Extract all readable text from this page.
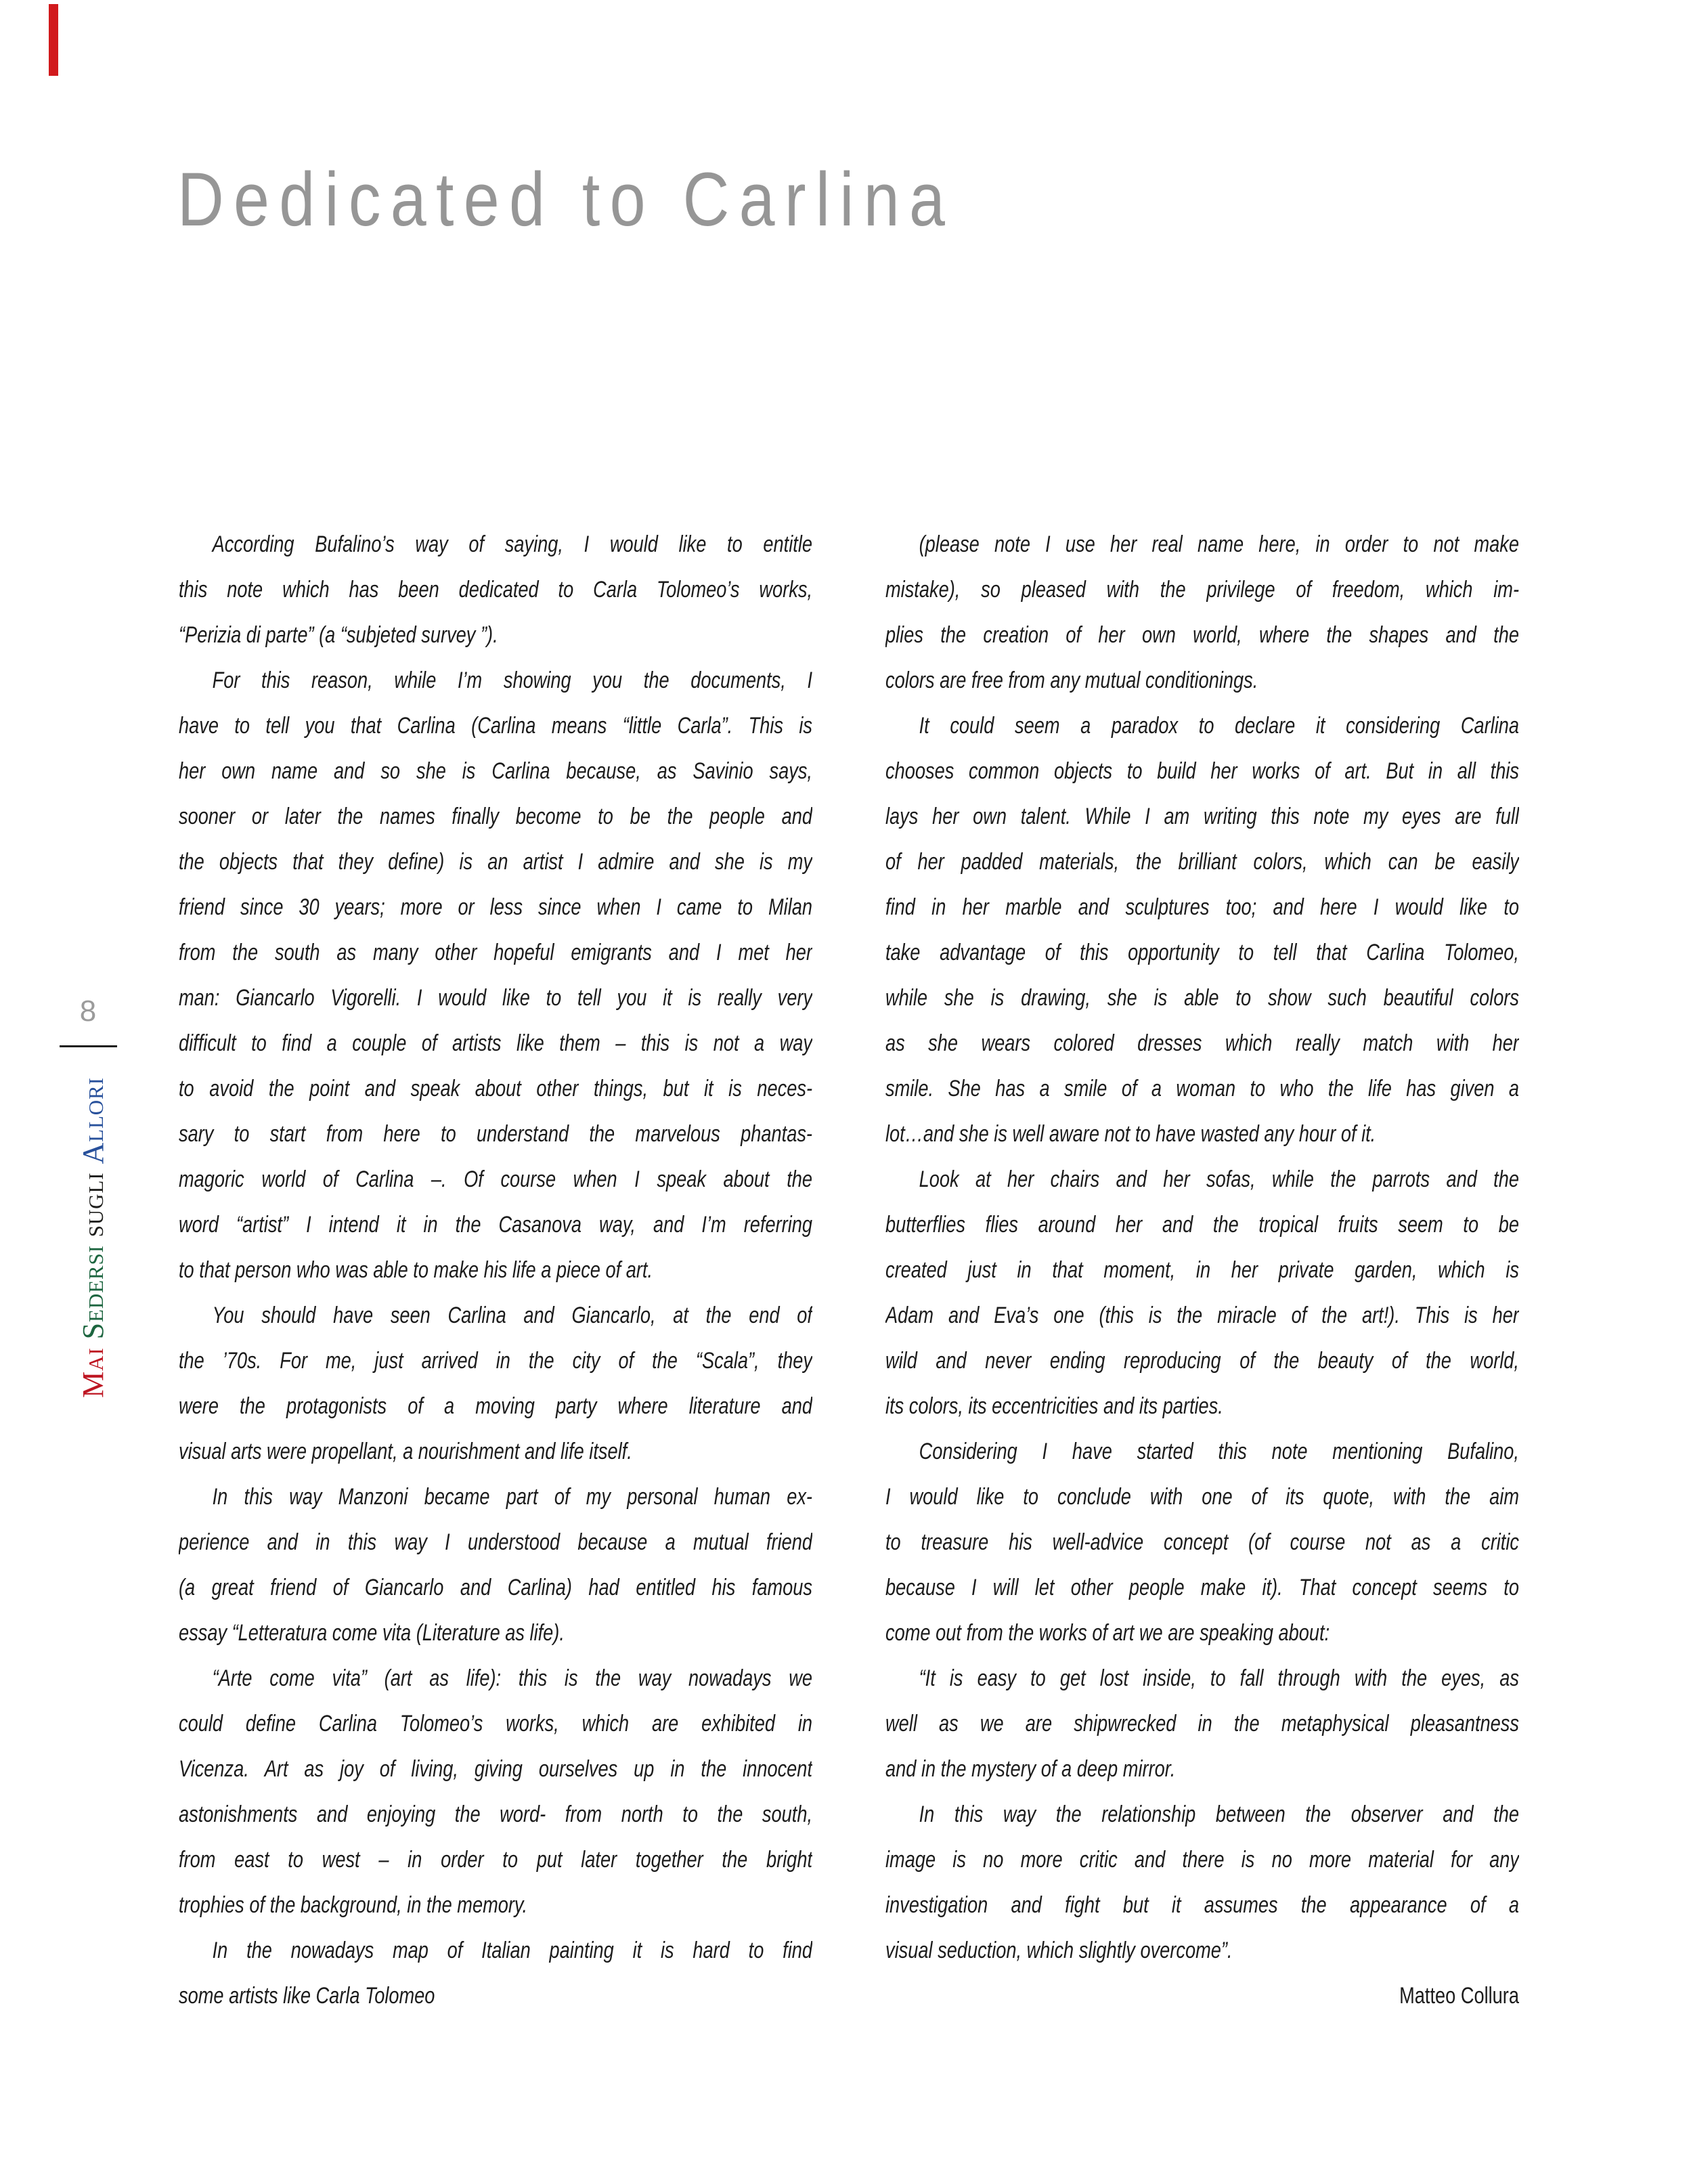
Dedicated to Carlina
8
MaiSedersisugliAllori
According Bufalino’s way of saying, I would like to entitle
this note which has been dedicated to Carla Tolomeo’s works,
“Perizia di parte” (a “subjeted survey ”).
For this reason, while I’m showing you the documents, I
have to tell you that Carlina (Carlina means “little Carla”. This is
her own name and so she is Carlina because, as Savinio says,
sooner or later the names finally become to be the people and
the objects that they define) is an artist I admire and she is my
friend since 30 years; more or less since when I came to Milan
from the south as many other hopeful emigrants and I met her
man: Giancarlo Vigorelli. I would like to tell you it is really very
difficult to find a couple of artists like them – this is not a way
to avoid the point and speak about other things, but it is neces-
sary to start from here to understand the marvelous phantas-
magoric world of Carlina –. Of course when I speak about the
word “artist” I intend it in the Casanova way, and I’m referring
to that person who was able to make his life a piece of art.
You should have seen Carlina and Giancarlo, at the end of
the ’70s. For me, just arrived in the city of the “Scala”, they
were the protagonists of a moving party where literature and
visual arts were propellant, a nourishment and life itself.
In this way Manzoni became part of my personal human ex-
perience and in this way I understood because a mutual friend
(a great friend of Giancarlo and Carlina) had entitled his famous
essay “Letteratura come vita (Literature as life).
“Arte come vita” (art as life): this is the way nowadays we
could define Carlina Tolomeo’s works, which are exhibited in
Vicenza. Art as joy of living, giving ourselves up in the innocent
astonishments and enjoying the word- from north to the south,
from east to west – in order to put later together the bright
trophies of the background, in the memory.
In the nowadays map of Italian painting it is hard to find
some artists like Carla Tolomeo
(please note I use her real name here, in order to not make
mistake), so pleased with the privilege of freedom, which im-
plies the creation of her own world, where the shapes and the
colors are free from any mutual conditionings.
It could seem a paradox to declare it considering Carlina
chooses common objects to build her works of art. But in all this
lays her own talent. While I am writing this note my eyes are full
of her padded materials, the brilliant colors, which can be easily
find in her marble and sculptures too; and here I would like to
take advantage of this opportunity to tell that Carlina Tolomeo,
while she is drawing, she is able to show such beautiful colors
as she wears colored dresses which really match with her
smile. She has a smile of a woman to who the life has given a
lot…and she is well aware not to have wasted any hour of it.
Look at her chairs and her sofas, while the parrots and the
butterflies flies around her and the tropical fruits seem to be
created just in that moment, in her private garden, which is
Adam and Eva’s one (this is the miracle of the art!). This is her
wild and never ending reproducing of the beauty of the world,
its colors, its eccentricities and its parties.
Considering I have started this note mentioning Bufalino,
I would like to conclude with one of its quote, with the aim
to treasure his well-advice concept (of course not as a critic
because I will let other people make it). That concept seems to
come out from the works of art we are speaking about:
“It is easy to get lost inside, to fall through with the eyes, as
well as we are shipwrecked in the metaphysical pleasantness
and in the mystery of a deep mirror.
In this way the relationship between the observer and the
image is no more critic and there is no more material for any
investigation and fight but it assumes the appearance of a
visual seduction, which slightly overcome”.
Matteo Collura
